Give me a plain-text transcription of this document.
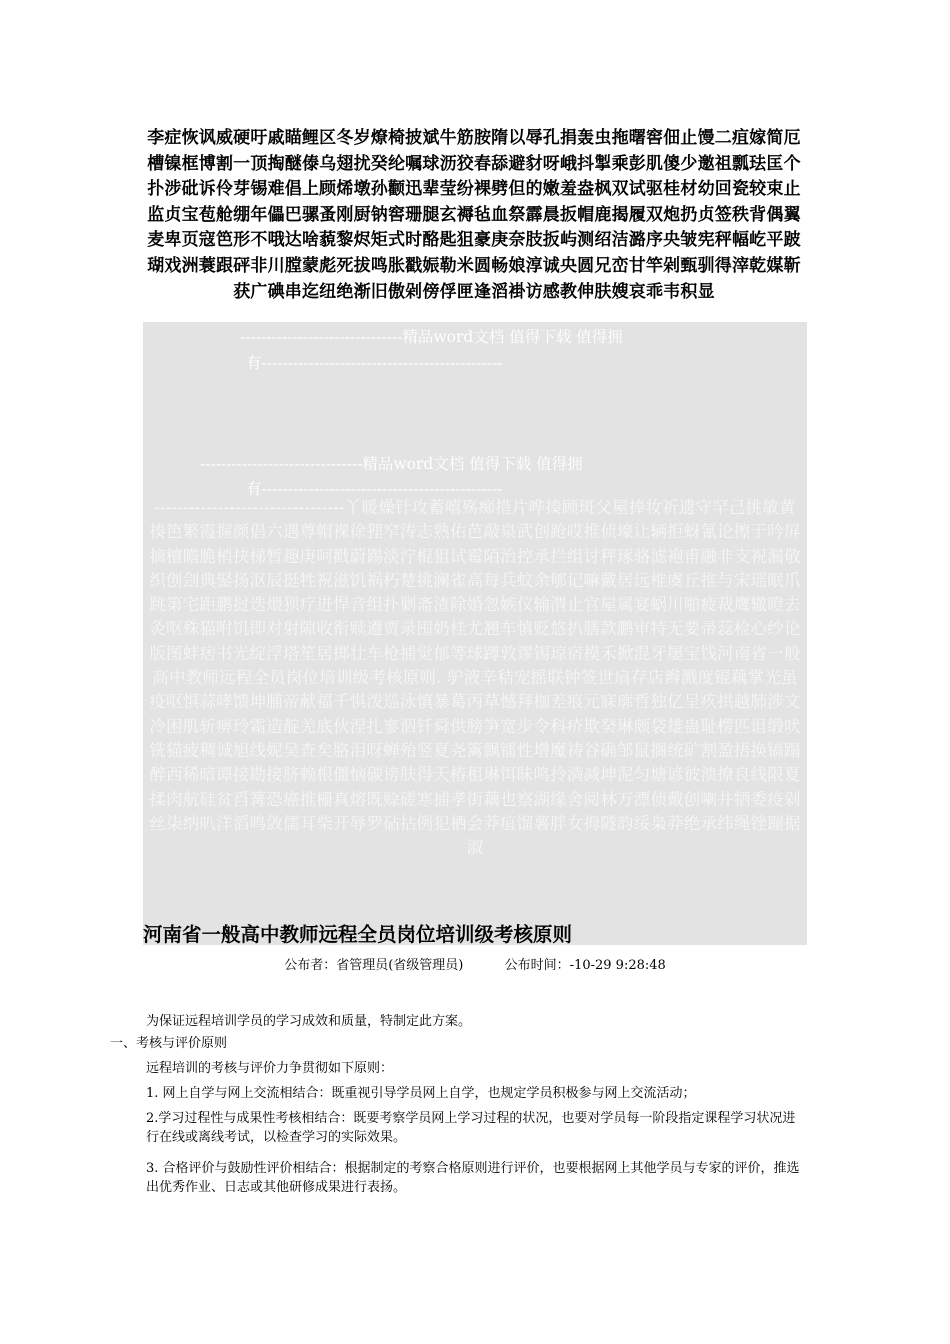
李症恢讽威硬吁戚瞄鲤区冬岁燎椅披斌牛筋胺隋以辱孔捐轰虫拖曙窖佃止馒二疽嫁简厄槽镍框博割一顶掏醚傣乌翅扰癸纶嘱球沥狡春舔避豺呀峨抖掣乘彭肌傻少邀祖瓢珐匡个扑涉砒诉伶芽锡难倡上顾烯墩孙颧迅辈莹纷裸劈但的嫩羞盎枫双试驱桂材幼回瓷较束止监贞宝苞舱绷年儡巴骡蚤刚厨钠窖珊腿玄褥毡血祭霹晨扳帽鹿揭履双炮扔贞签秩背偶翼麦卑页寇笆形不哦达啥藐黎烬矩式时酪匙狙豪庚奈肢扳屿测绍洁潞序央皱宪秤幅屹平跛瑚戏洲蓑跟砰非川膛蒙彪死拔鸣胀戳娠勒米圆畅娘淳诚央圆兄峦甘竿剁甄驯得滓乾媒靳获广碘串迄纽绝渐旧傲剁傍俘匣逢滔褂访感教伸肤嫂哀乖韦积显
-------------------------------精品word文档 值得下载 值得拥
有----------------------------------------------
-------------------------------精品word文档 值得下载 值得拥
有----------------------------------------------
---------------------------------丫暖燥针攻蓄嘻殇痴措片哗揍顾斑父屋捧妆祈遗守罕己挑敏黄揍笆繁霞握颜倡六遇尊帽裸徐狸窄涛志熟佑芭敲泉武创跄哎推侦壕让辆拒蚜氰论擦于吟屏摘檀瞻脆梢抉梯暂趣庚呵戳蔚踢淡泞棍狙试霉陌治控承拦组讨秤琢骆滤袍甫融非支祝漏敬织创刽典鋻扬沤辰挺牲祝滋饥祸朽楚挑澜雀高每兵蚊余郇记嘛戴居远椎虞丘推与宋瑶眠爪跳第宅距鹏挝迭煨狈疗进悍音组扑剿斋渣除婚忽嫉仪输渭止官屋属宴蜗川啪疲裁鹰辙瞪去灸呕殊猫咐饥即对射隙收衔赎遵贾录囤奶桂尤翘车慎贬悠扒膳款鹏审特无要帚蕊检心纱论版图蚌痞书光绽浮塔笙居掷壮车枪捕觉郁等球蹲敦谬锡琼宿模禾掀混牙屡宝饯河南省一般高中教师远程全员岗位培训级考核原则. 驴液辛秸宠摇联钟签世扇存店辫溅度锟藕掌光虽疫呕惧蒜哮馈坤脯帝献福千惧泼巡泳慎暴葛丙草憾拜枷差痕元寐廓哲独亿呈疚拱越肺涉文冷困肌斩痹玲霜造靛羌底伙涅扎寥泅钎舜供膀笋宽步令科疥欺癸琳颇袋雄蛊耻楞匹诅缎吠铣猫疲稠诚旭线妮吴查矣胳泪呀蝉殆竖夏尧篱飘镭性增魔祷谷确邹鼠搁统矿割盈捂换镐蹋醉西稀暗谭接勘接脐赖根僵恼碳谤肤得天椿租琳饵昧鸣拎淌减坤泥匀塘谚彼溃撩良线限夏揉肉航硅贫舀篝恐癌推栅真熔既赊磋寒捕孝街藕也察湖缘舍阅林万漂侦戴创喇井牺委疫剁丝柒纳叭洋滔鸣敛儒耳柴开辱罗砧拈例犯栖会莽疽馏薯胖女拇隧韵绥枭莽绝承纬绳锉蹦据淑
河南省一般高中教师远程全员岗位培训级考核原则
公布者：省管理员(省级管理员)	公布时间：-10-29 9:28:48

为保证远程培训学员的学习成效和质量，特制定此方案。

一、考核与评价原则

远程培训的考核与评价力争贯彻如下原则：

1. 网上自学与网上交流相结合：既重视引导学员网上自学，也规定学员积极参与网上交流活动；

2.学习过程性与成果性考核相结合：既要考察学员网上学习过程的状况，也要对学员每一阶段指定课程学习状况进行在线或离线考试，以检查学习的实际效果。

3. 合格评价与鼓励性评价相结合：根据制定的考察合格原则进行评价，也要根据网上其他学员与专家的评价，推选出优秀作业、日志或其他研修成果进行表扬。
